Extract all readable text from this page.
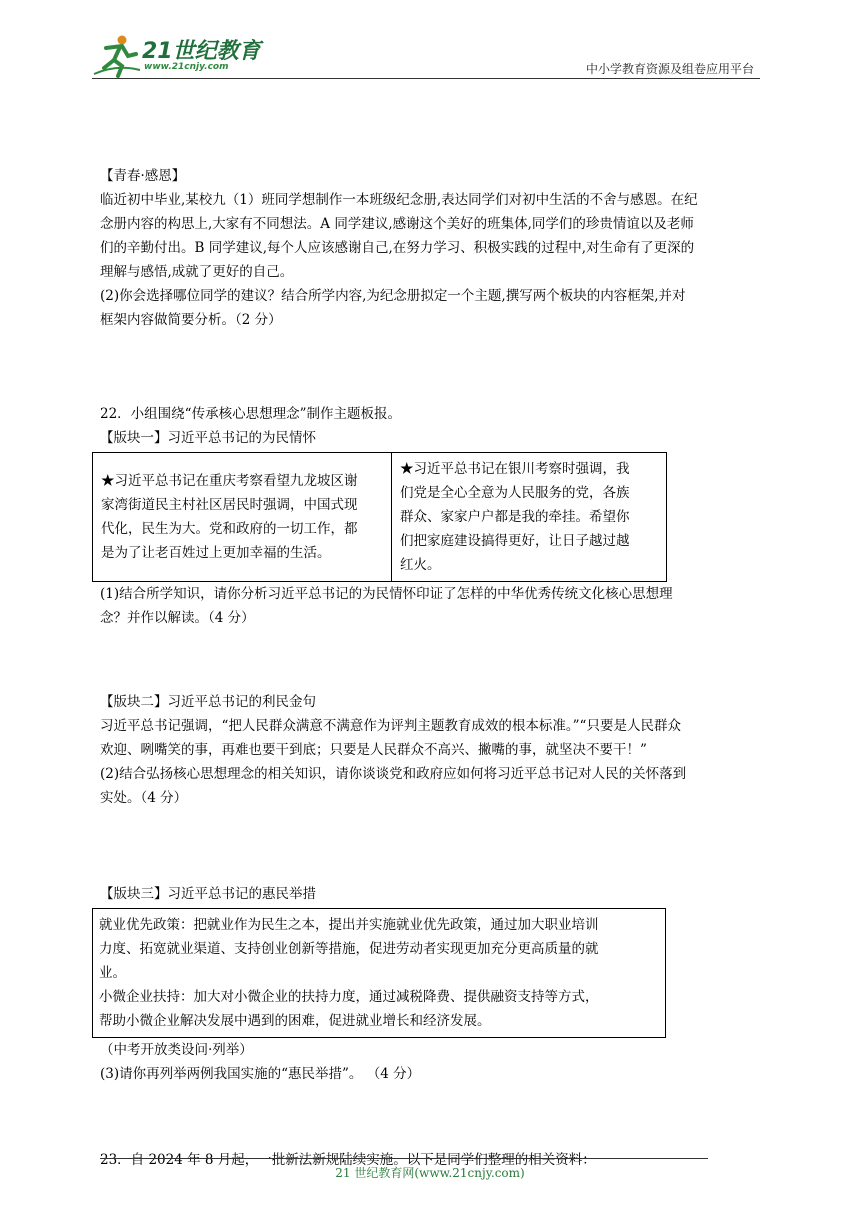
21世纪教育
www.21cnjy.com	中小学教育资源及组卷应用平台

【青春·感恩】

临近初中毕业,某校九（1）班同学想制作一本班级纪念册,表达同学们对初中生活的不舍与感恩。在纪

念册内容的构思上,大家有不同想法。A 同学建议,感谢这个美好的班集体,同学们的珍贵情谊以及老师

们的辛勤付出。B 同学建议,每个人应该感谢自己,在努力学习、积极实践的过程中,对生命有了更深的

理解与感悟,成就了更好的自己。

(2)你会选择哪位同学的建议？结合所学内容,为纪念册拟定一个主题,撰写两个板块的内容框架,并对

框架内容做简要分析。（2 分）

22．小组围绕“传承核心思想理念”制作主题板报。

【版块一】习近平总书记的为民情怀

★习近平总书记在重庆考察看望九龙坡区谢
家湾街道民主村社区居民时强调，中国式现
代化，民生为大。党和政府的一切工作，都
是为了让老百姓过上更加幸福的生活。

★习近平总书记在银川考察时强调，我
们党是全心全意为人民服务的党，各族
群众、家家户户都是我的牵挂。希望你
们把家庭建设搞得更好，让日子越过越
红火。

(1)结合所学知识，请你分析习近平总书记的为民情怀印证了怎样的中华优秀传统文化核心思想理

念？并作以解读。（4 分）

【版块二】习近平总书记的利民金句

习近平总书记强调，“把人民群众满意不满意作为评判主题教育成效的根本标准。”“只要是人民群众

欢迎、咧嘴笑的事，再难也要干到底；只要是人民群众不高兴、撇嘴的事，就坚决不要干！”

(2)结合弘扬核心思想理念的相关知识，请你谈谈党和政府应如何将习近平总书记对人民的关怀落到

实处。（4 分）

【版块三】习近平总书记的惠民举措

就业优先政策：把就业作为民生之本，提出并实施就业优先政策，通过加大职业培训
力度、拓宽就业渠道、支持创业创新等措施，促进劳动者实现更加充分更高质量的就
业。
小微企业扶持：加大对小微企业的扶持力度，通过减税降费、提供融资支持等方式，
帮助小微企业解决发展中遇到的困难，促进就业增长和经济发展。

（中考开放类设问·列举）

(3)请你再列举两例我国实施的“惠民举措”。 （4 分）

23．自 2024 年 8 月起，一批新法新规陆续实施。以下是同学们整理的相关资料：

21 世纪教育网(www.21cnjy.com)
